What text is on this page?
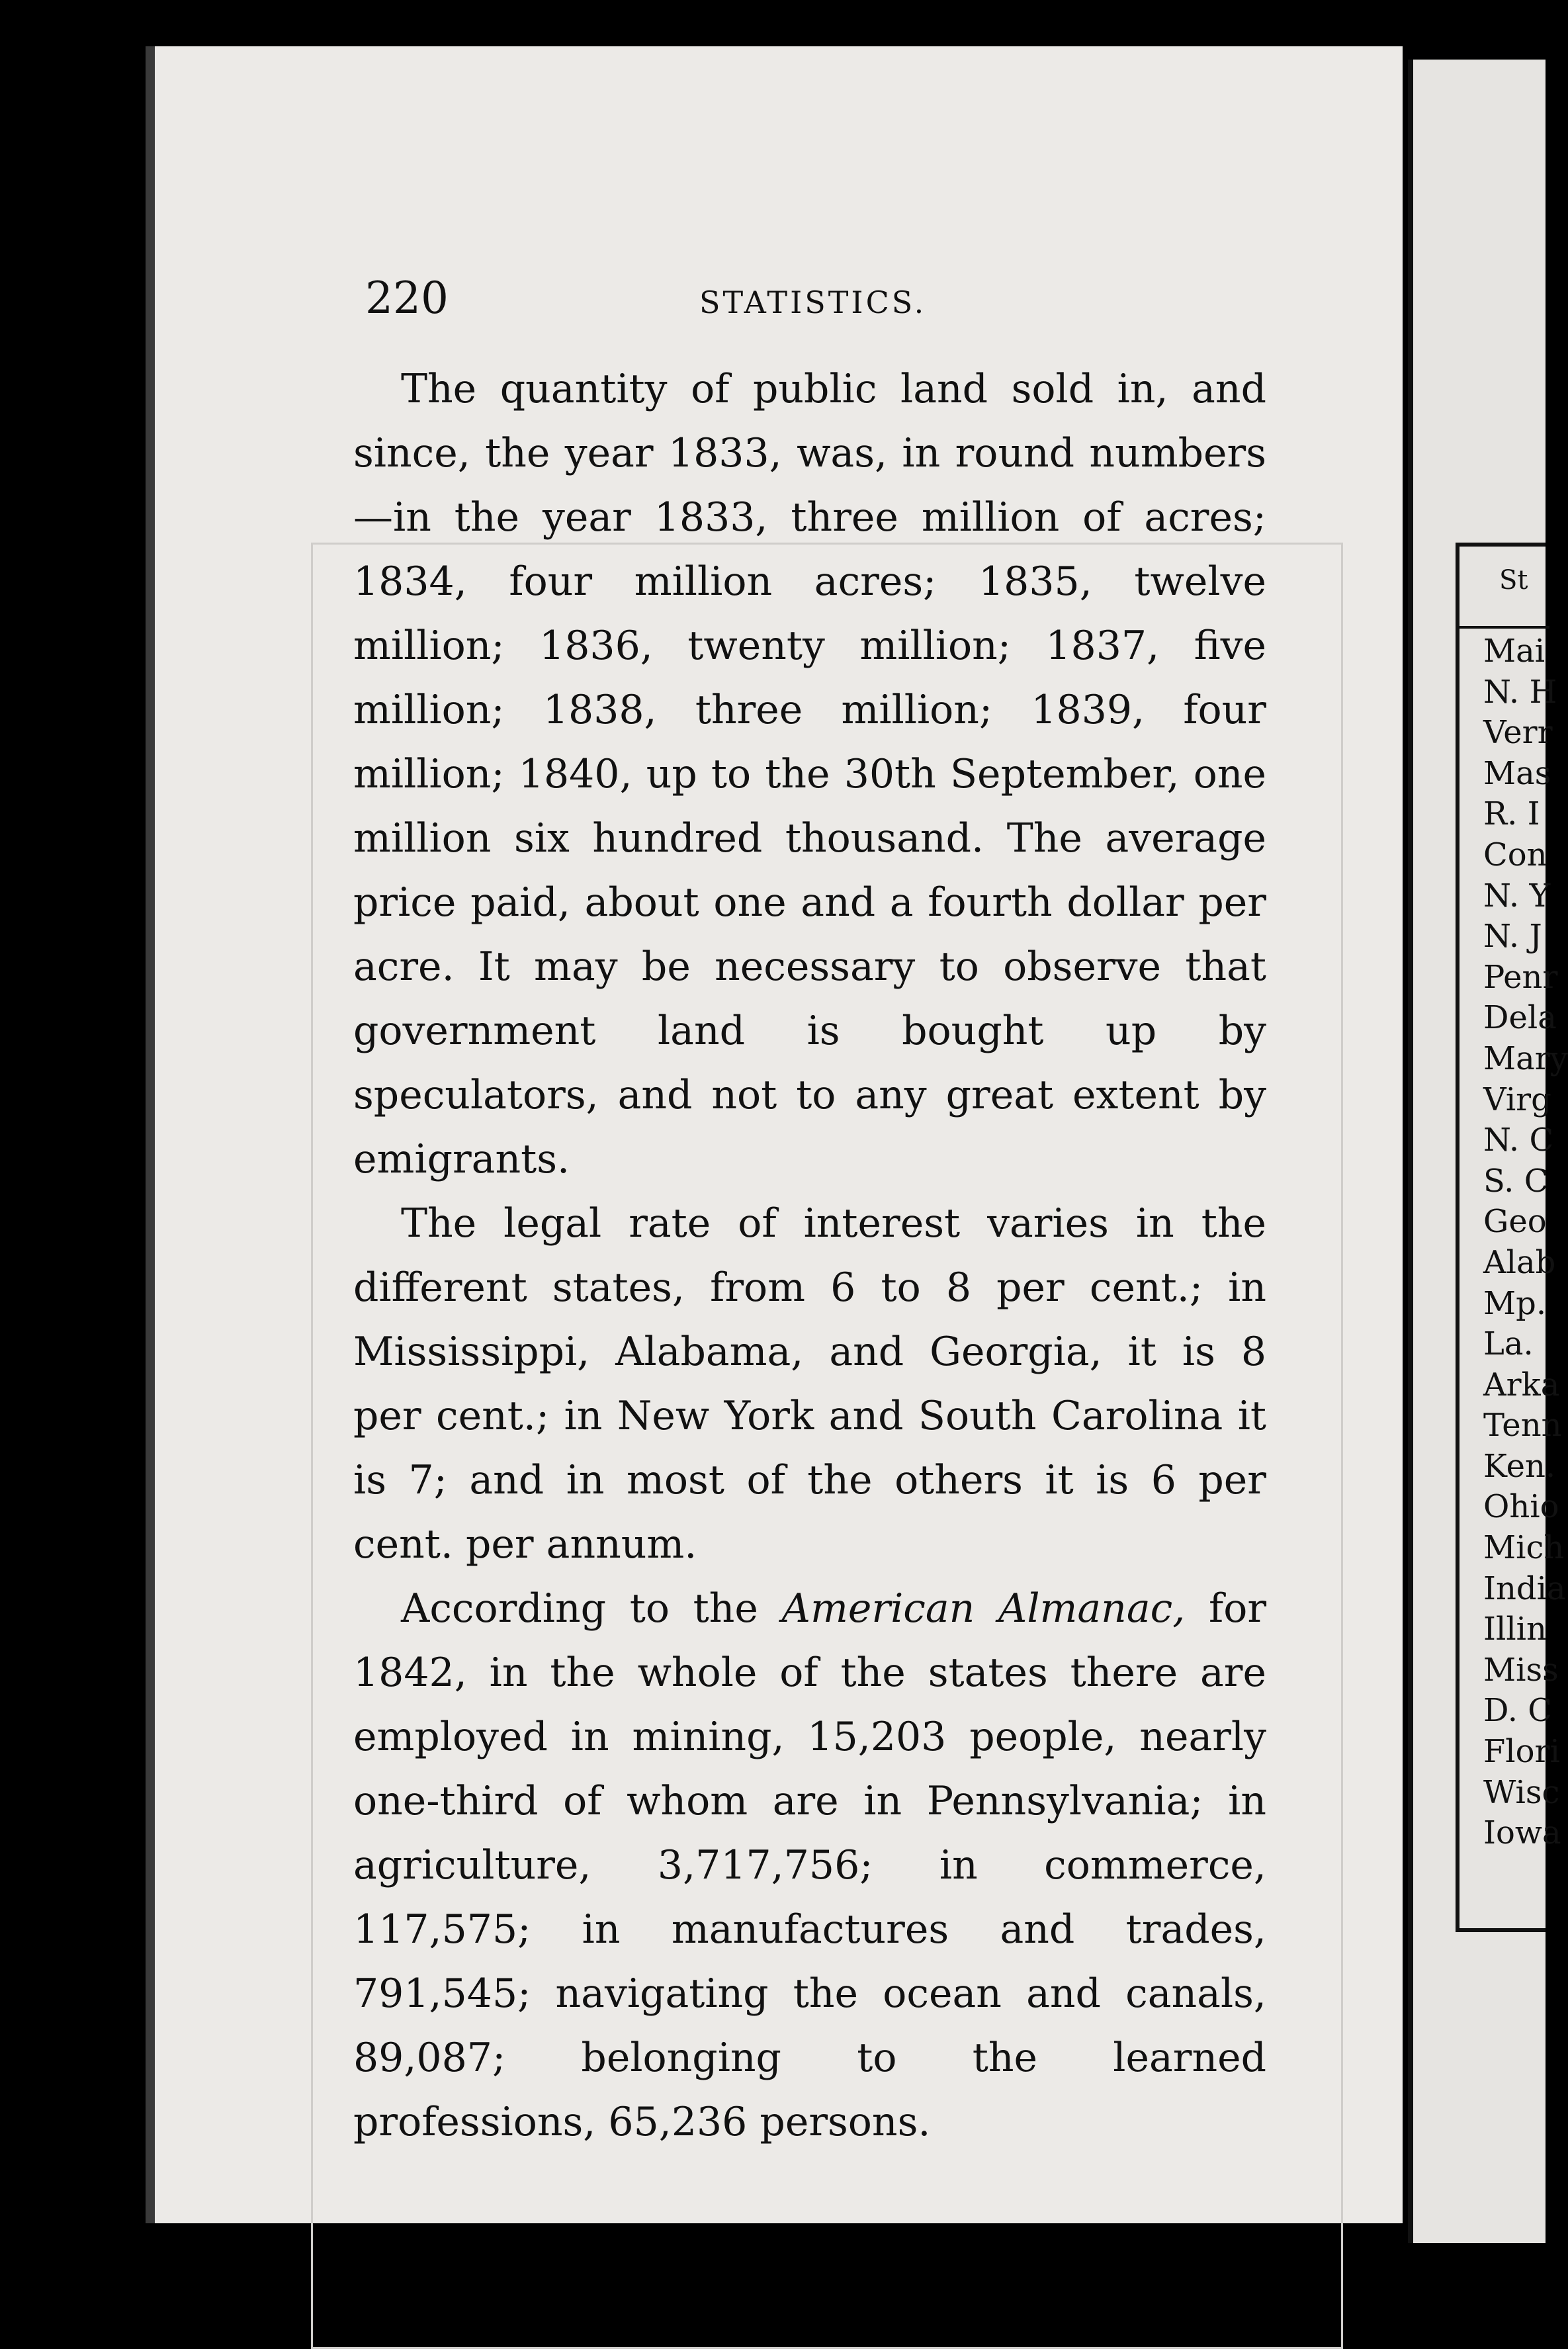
220	STATISTICS.

The quantity of public land sold in, and since, the year 1833, was, in round numbers—in the year 1833, three million of acres; 1834, four million acres; 1835, twelve million; 1836, twenty million; 1837, five million; 1838, three million; 1839, four million; 1840, up to the 30th September, one million six hundred thousand. The average price paid, about one and a fourth dollar per acre. It may be necessary to observe that government land is bought up by speculators, and not to any great extent by emigrants.

The legal rate of interest varies in the different states, from 6 to 8 per cent.; in Mississippi, Alabama, and Georgia, it is 8 per cent.; in New York and South Carolina it is 7; and in most of the others it is 6 per cent. per annum.

According to the American Almanac, for 1842, in the whole of the states there are employed in mining, 15,203 people, nearly one-third of whom are in Pennsylvania; in agriculture, 3,717,756; in commerce, 117,575; in manufactures and trades, 791,545; navigating the ocean and canals, 89,087; belonging to the learned professions, 65,236 persons.

St
Mai
N. H
Verr
Mas
R. I
Con
N. Y
N. J
Penr
Dela
Mary
Virg
N. C
S. C
Geo
Alab
Mp.
La.
Arka
Tenn
Ken.
Ohio
Mich
India
Illin
Miss
D. C
Flori
Wisc
Iowa
